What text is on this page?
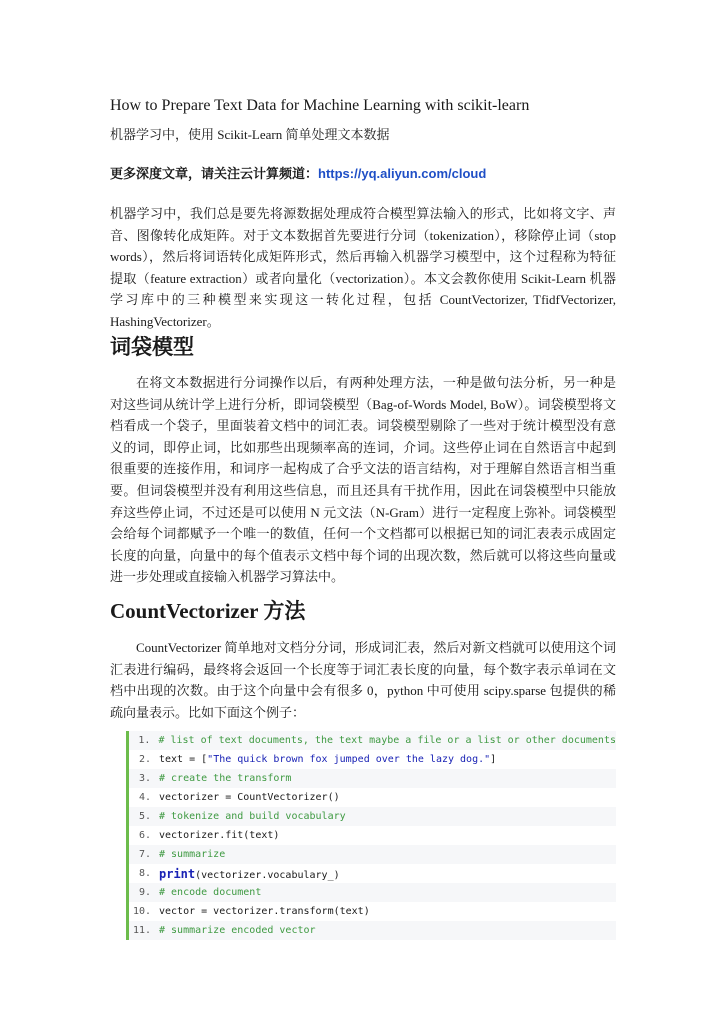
How to Prepare Text Data for Machine Learning with scikit-learn
机器学习中，使用 Scikit-Learn 简单处理文本数据
更多深度文章，请关注云计算频道：https://yq.aliyun.com/cloud
机器学习中，我们总是要先将源数据处理成符合模型算法输入的形式，比如将文字、声音、图像转化成矩阵。对于文本数据首先要进行分词（tokenization），移除停止词（stop words），然后将词语转化成矩阵形式，然后再输入机器学习模型中，这个过程称为特征提取（feature extraction）或者向量化（vectorization）。本文会教你使用 Scikit-Learn 机器学习库中的三种模型来实现这一转化过程，包括 CountVectorizer, TfidfVectorizer, HashingVectorizer。
词袋模型
在将文本数据进行分词操作以后，有两种处理方法，一种是做句法分析，另一种是对这些词从统计学上进行分析，即词袋模型（Bag-of-Words Model, BoW）。词袋模型将文档看成一个袋子，里面装着文档中的词汇表。词袋模型剔除了一些对于统计模型没有意义的词，即停止词，比如那些出现频率高的连词，介词。这些停止词在自然语言中起到很重要的连接作用，和词序一起构成了合乎文法的语言结构，对于理解自然语言相当重要。但词袋模型并没有利用这些信息，而且还具有干扰作用，因此在词袋模型中只能放弃这些停止词，不过还是可以使用 N 元文法（N-Gram）进行一定程度上弥补。词袋模型会给每个词都赋予一个唯一的数值，任何一个文档都可以根据已知的词汇表表示成固定长度的向量，向量中的每个值表示文档中每个词的出现次数，然后就可以将这些向量或进一步处理或直接输入机器学习算法中。
CountVectorizer 方法
CountVectorizer 简单地对文档分分词，形成词汇表，然后对新文档就可以使用这个词汇表进行编码，最终将会返回一个长度等于词汇表长度的向量，每个数字表示单词在文档中出现的次数。由于这个向量中会有很多 0，python 中可使用 scipy.sparse 包提供的稀疏向量表示。比如下面这个例子：
1. # list of text documents, the text maybe a file or a list or other documents
2. text = ["The quick brown fox jumped over the lazy dog."]
3. # create the transform
4. vectorizer = CountVectorizer()
5. # tokenize and build vocabulary
6. vectorizer.fit(text)
7. # summarize
8. print(vectorizer.vocabulary_)
9. # encode document
10. vector = vectorizer.transform(text)
11. # summarize encoded vector
